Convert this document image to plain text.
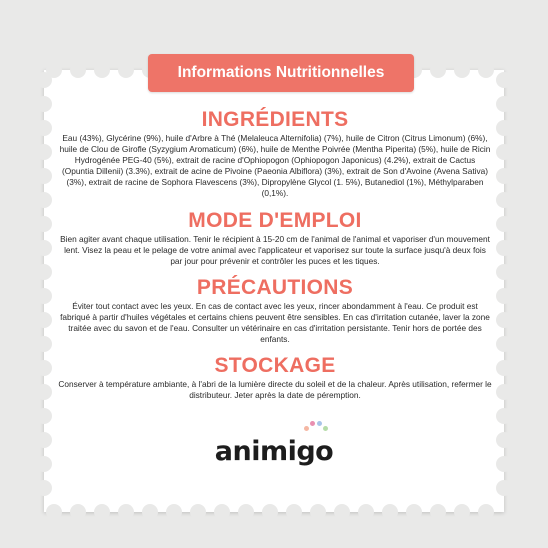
Informations Nutritionnelles
INGRÉDIENTS

Eau (43%), Glycérine (9%), huile d'Arbre à Thé (Melaleuca Alternifolia) (7%), huile de Citron (Citrus Limonum) (6%), huile de Clou de Girofle (Syzygium Aromaticum) (6%), huile de Menthe Poivrée (Mentha Piperita) (5%), huile de Ricin Hydrogénée PEG-40 (5%), extrait de racine d'Ophiopogon (Ophiopogon Japonicus) (4.2%), extrait de Cactus (Opuntia Dillenii) (3.3%), extrait de acine de Pivoine (Paeonia Albiflora) (3%), extrait de Son d'Avoine (Avena Sativa) (3%), extrait de racine de Sophora Flavescens (3%), Dipropylène Glycol (1. 5%), Butanediol (1%), Méthylparaben (0,1%).

MODE D'EMPLOI

Bien agiter avant chaque utilisation. Tenir le récipient à 15-20 cm de l'animal de l'animal et vaporiser d'un mouvement lent. Visez la peau et le pelage de votre animal avec l'applicateur et vaporisez sur toute la surface jusqu'à deux fois par jour pour prévenir et contrôler les puces et les tiques.

PRÉCAUTIONS

Éviter tout contact avec les yeux. En cas de contact avec les yeux, rincer abondamment à l'eau. Ce produit est fabriqué à partir d'huiles végétales et certains chiens peuvent être sensibles. En cas d'irritation cutanée, laver la zone traitée avec du savon et de l'eau. Consulter un vétérinaire en cas d'irritation persistante. Tenir hors de portée des enfants.

STOCKAGE

Conserver à température ambiante, à l'abri de la lumière directe du soleil et de la chaleur. Après utilisation, refermer le distributeur. Jeter après la date de péremption.

animigo
